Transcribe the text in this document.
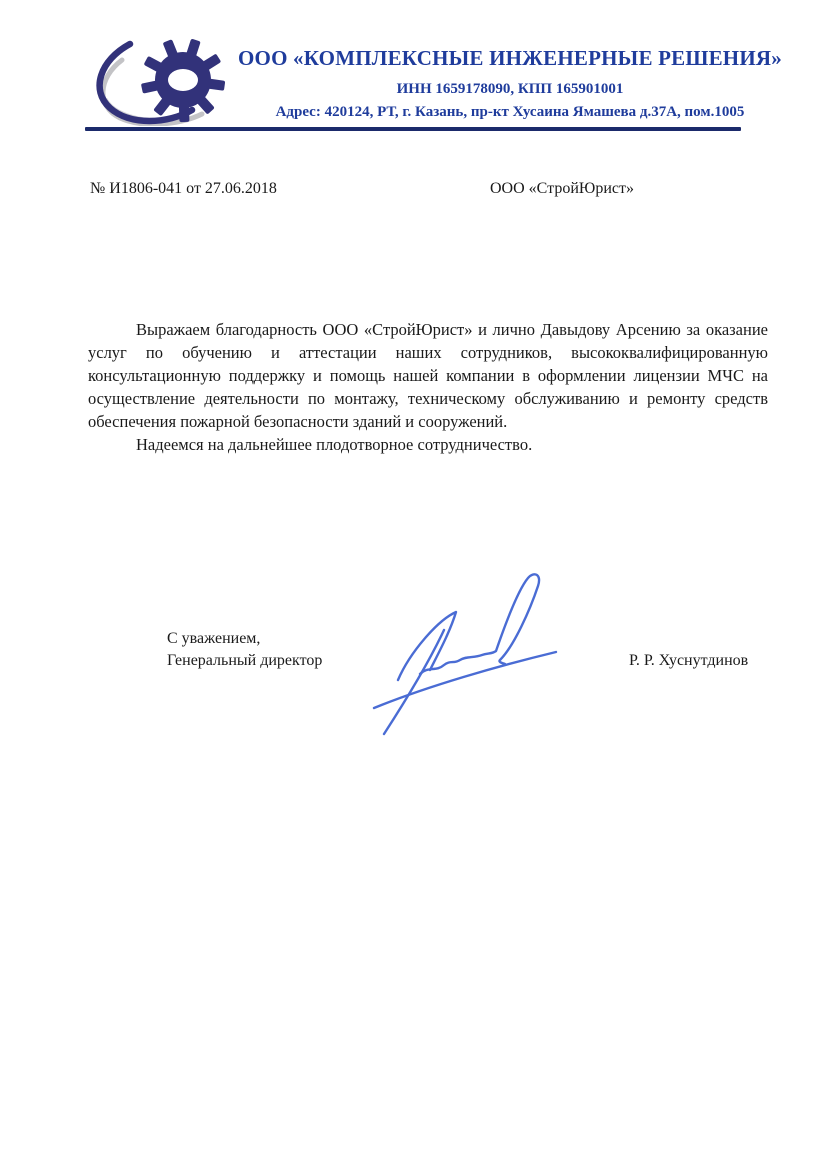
ООО «КОМПЛЕКСНЫЕ ИНЖЕНЕРНЫЕ РЕШЕНИЯ»
ИНН 1659178090, КПП 165901001
Адрес: 420124, РТ, г. Казань, пр-кт Хусаина Ямашева д.37А, пом.1005
№ И1806-041 от 27.06.2018	ООО «СтройЮрист»

Выражаем благодарность ООО «СтройЮрист» и лично Давыдову Арсению за оказание услуг по обучению и аттестации наших сотрудников, высококвалифицированную консультационную поддержку и помощь нашей компании в оформлении лицензии МЧС на осуществление деятельности по монтажу, техническому обслуживанию и ремонту средств обеспечения пожарной безопасности зданий и сооружений.

Надеемся на дальнейшее плодотворное сотрудничество.

С уважением,
Генеральный директор	Р. Р. Хуснутдинов
